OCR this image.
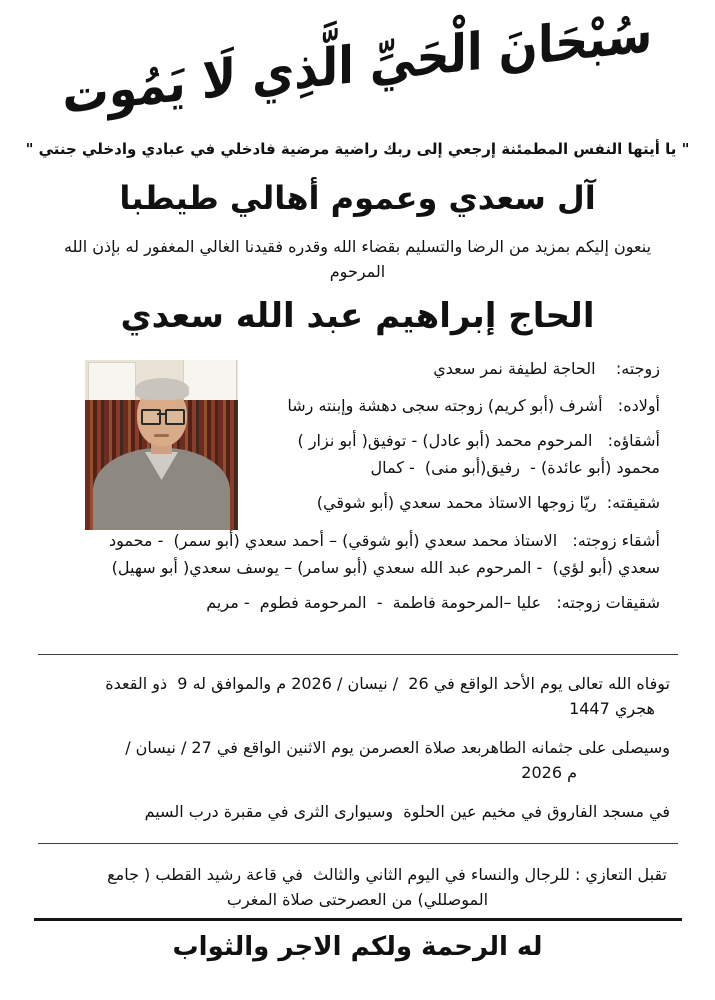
سُبْحَانَ الْحَيِّ الَّذِي لَا يَمُوت
" يا أيتها النفس المطمئنة إرجعي إلى ربك راضية مرضية فادخلي في عبادي وادخلي جنتي "
آل سعدي وعموم أهالي طيطبا
ينعون إليكم بمزيد من الرضا والتسليم بقضاء الله وقدره فقيدنا الغالي المغفور له بإذن الله
المرحوم
الحاج إبراهيم عبد الله سعدي
زوجته:    الحاجة لطيفة نمر سعدي
أولاده:   أشرف (أبو كريم) زوجته سجى دهشة وإبنته رشا
أشقاؤه:   المرحوم محمد (أبو عادل) - توفيق( أبو نزار )
محمود (أبو عائدة) -  رفيق(أبو منى)  - كمال
شقيقته:  ريّا زوجها الاستاذ محمد سعدي (أبو شوقي)
أشقاء زوجته:   الاستاذ محمد سعدي (أبو شوقي) – أحمد سعدي (أبو سمر)  - محمود
سعدي (أبو لؤي)  - المرحوم عبد الله سعدي (أبو سامر) – يوسف سعدي( أبو سهيل)
شقيقات زوجته:   عليا –المرحومة فاطمة  -  المرحومة فطوم  - مريم
توفاه الله تعالى يوم الأحد الواقع في 26  / نيسان / 2026 م والموافق له 9  ذو القعدة
1447 هجري
وسيصلى على جثمانه الطاهربعد صلاة العصرمن يوم الاثنين الواقع في 27 / نيسان /
2026 م
في مسجد الفاروق في مخيم عين الحلوة  وسيوارى الثرى في مقبرة درب السيم
تقبل التعازي : للرجال والنساء في اليوم الثاني والثالث  في قاعة رشيد القطب ( جامع
الموصللي) من العصرحتى صلاة المغرب
له الرحمة ولكم الاجر والثواب
